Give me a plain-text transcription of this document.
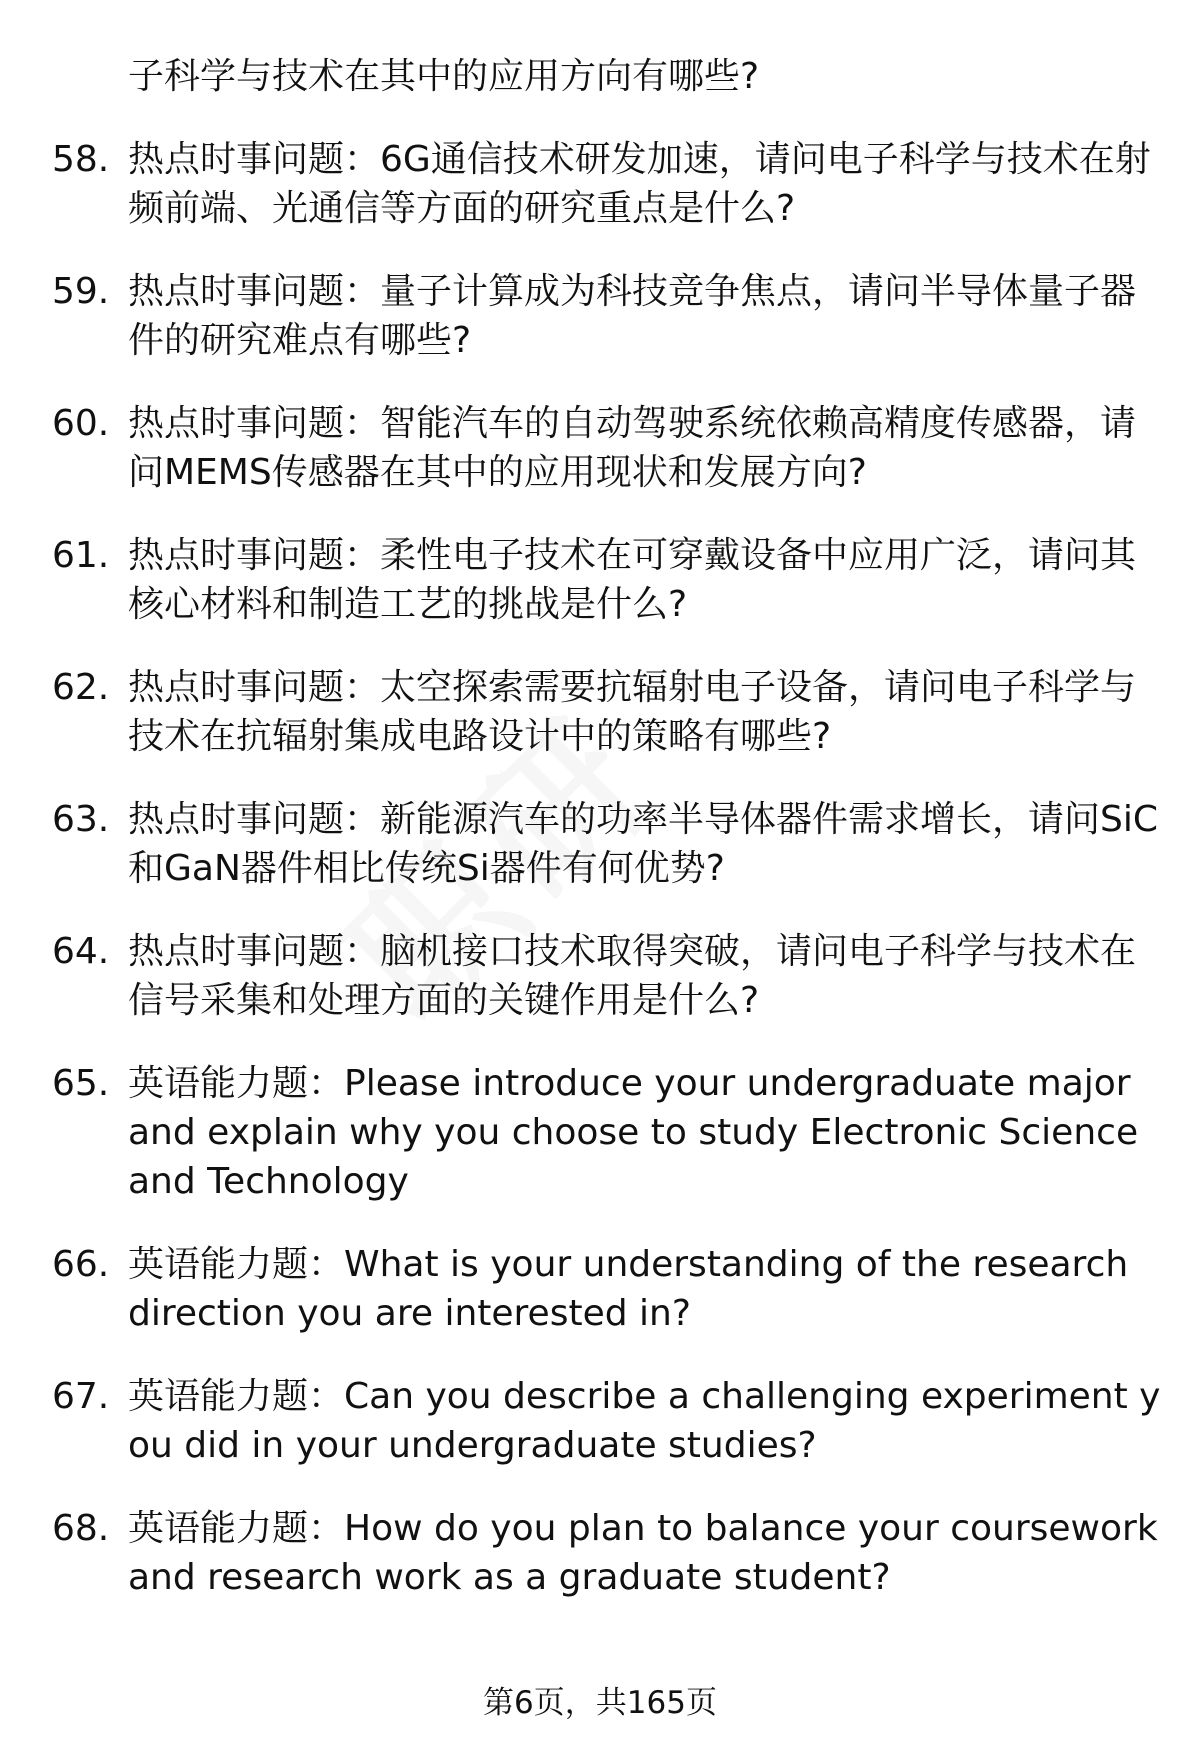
子科学与技术在其中的应用方向有哪些?
58. 热点时事问题：6G通信技术研发加速，请问电子科学与技术在射频前端、光通信等方面的研究重点是什么?
59. 热点时事问题：量子计算成为科技竞争焦点，请问半导体量子器件的研究难点有哪些?
60. 热点时事问题：智能汽车的自动驾驶系统依赖高精度传感器，请问MEMS传感器在其中的应用现状和发展方向?
61. 热点时事问题：柔性电子技术在可穿戴设备中应用广泛，请问其核心材料和制造工艺的挑战是什么?
62. 热点时事问题：太空探索需要抗辐射电子设备，请问电子科学与技术在抗辐射集成电路设计中的策略有哪些?
63. 热点时事问题：新能源汽车的功率半导体器件需求增长，请问SiC和GaN器件相比传统Si器件有何优势?
64. 热点时事问题：脑机接口技术取得突破，请问电子科学与技术在信号采集和处理方面的关键作用是什么?
65. 英语能力题：Please introduce your undergraduate major and explain why you choose to study Electronic Science and Technology
66. 英语能力题：What is your understanding of the research direction you are interested in?
67. 英语能力题：Can you describe a challenging experiment you did in your undergraduate studies?
68. 英语能力题：How do you plan to balance your coursework and research work as a graduate student?
第6页，共165页
